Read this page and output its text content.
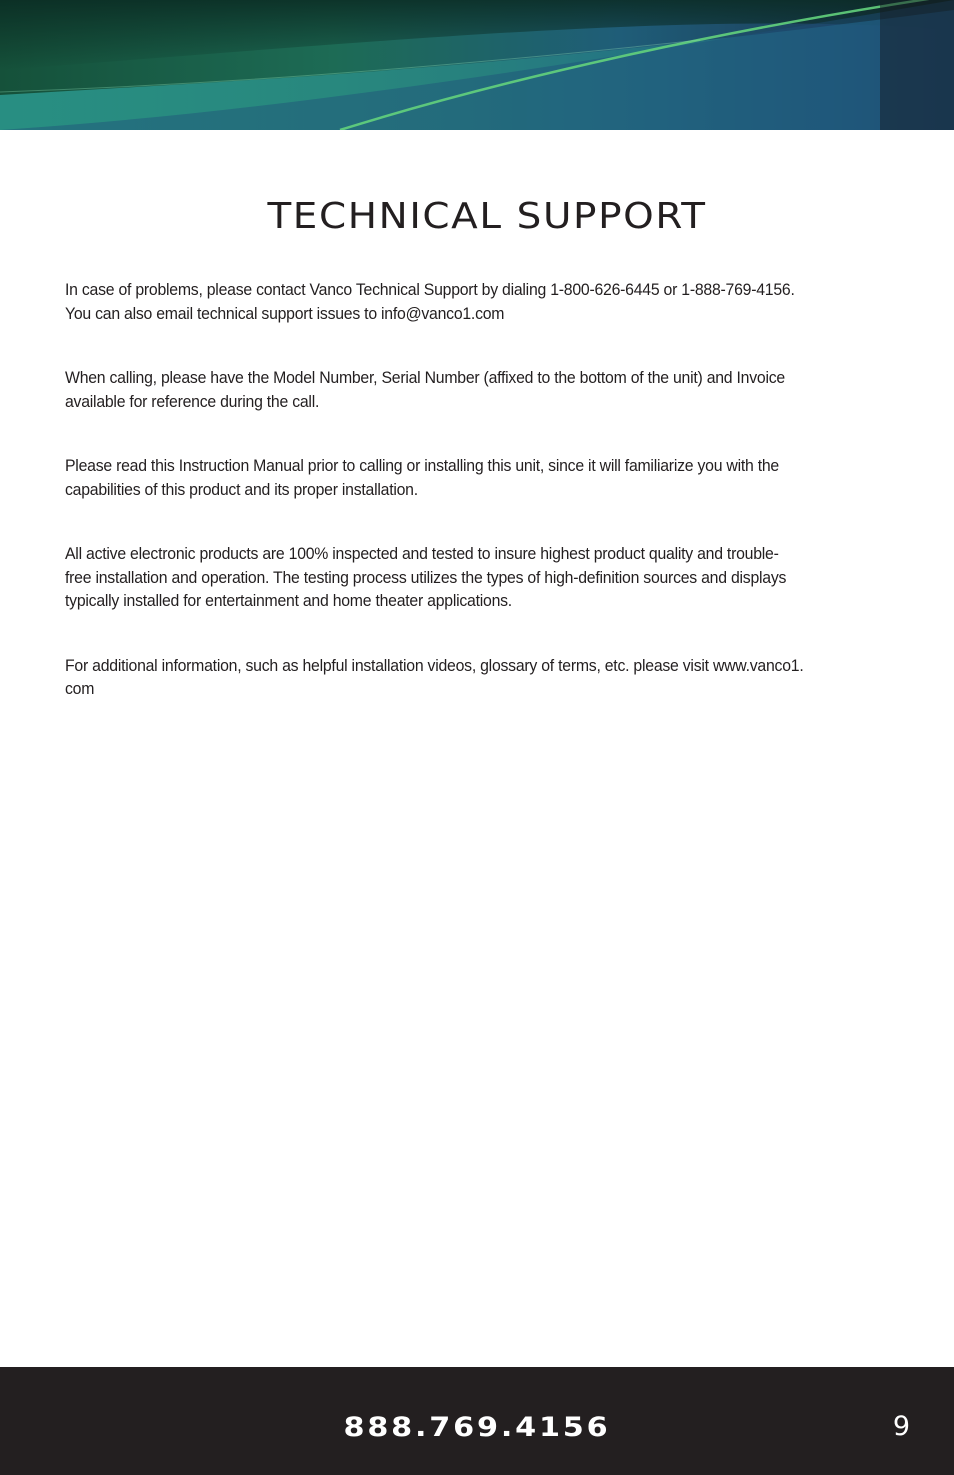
TECHNICAL SUPPORT

In case of problems, please contact Vanco Technical Support by dialing 1-800-626-6445 or 1-888-769-4156.
You can also email technical support issues to info@vanco1.com

When calling, please have the Model Number, Serial Number (affixed to the bottom of the unit) and Invoice
available for reference during the call.

Please read this Instruction Manual prior to calling or installing this unit, since it will familiarize you with the
capabilities of this product and its proper installation.

All active electronic products are 100% inspected and tested to insure highest product quality and trouble-
free installation and operation. The testing process utilizes the types of high-definition sources and displays
typically installed for entertainment and home theater applications.

For additional information, such as helpful installation videos, glossary of terms, etc. please visit www.vanco1.
com

888.769.4156	9
